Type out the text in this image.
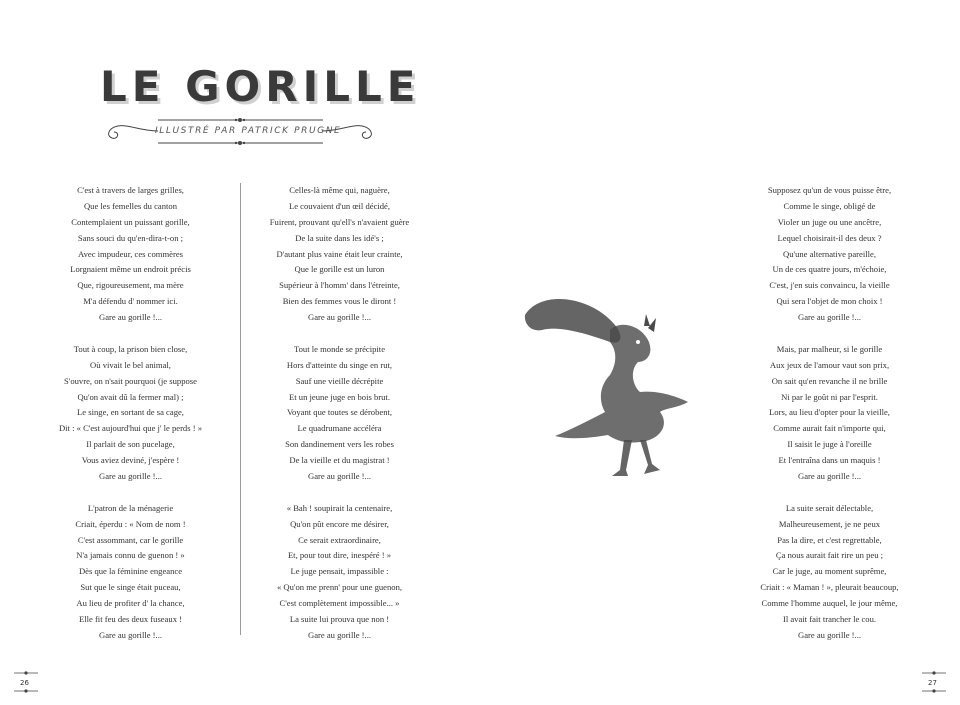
LE GORILLE
ILLUSTRÉ PAR PATRICK PRUGNE
C'est à travers de larges grilles,
Que les femelles du canton
Contemplaient un puissant gorille,
Sans souci du qu'en-dira-t-on ;
Avec impudeur, ces commères
Lorgnaient même un endroit précis
Que, rigoureusement, ma mère
M'a défendu d' nommer ici.
Gare au gorille !...
Tout à coup, la prison bien close,
Où vivait le bel animal,
S'ouvre, on n'sait pourquoi (je suppose
Qu'on avait dû la fermer mal) ;
Le singe, en sortant de sa cage,
Dit : « C'est aujourd'hui que j' le perds ! »
Il parlait de son pucelage,
Vous aviez deviné, j'espère !
Gare au gorille !...
L'patron de la ménagerie
Criait, éperdu : « Nom de nom !
C'est assommant, car le gorille
N'a jamais connu de guenon ! »
Dès que la féminine engeance
Sut que le singe était puceau,
Au lieu de profiter d' la chance,
Elle fit feu des deux fuseaux !
Gare au gorille !...
Celles-là même qui, naguère,
Le couvaient d'un œil décidé,
Fuirent, prouvant qu'ell's n'avaient guère
De la suite dans les idé's ;
D'autant plus vaine était leur crainte,
Que le gorille est un luron
Supérieur à l'homm' dans l'étreinte,
Bien des femmes vous le diront !
Gare au gorille !...
Tout le monde se précipite
Hors d'atteinte du singe en rut,
Sauf une vieille décrépite
Et un jeune juge en bois brut.
Voyant que toutes se dérobent,
Le quadrumane accéléra
Son dandinement vers les robes
De la vieille et du magistrat !
Gare au gorille !...
« Bah ! soupirait la centenaire,
Qu'on pût encore me désirer,
Ce serait extraordinaire,
Et, pour tout dire, inespéré ! »
Le juge pensait, impassible :
« Qu'on me prenn' pour une guenon,
C'est complètement impossible... »
La suite lui prouva que non !
Gare au gorille !...
Supposez qu'un de vous puisse être,
Comme le singe, obligé de
Violer un juge ou une ancêtre,
Lequel choisirait-il des deux ?
Qu'une alternative pareille,
Un de ces quatre jours, m'échoie,
C'est, j'en suis convaincu, la vieille
Qui sera l'objet de mon choix !
Gare au gorille !...
Mais, par malheur, si le gorille
Aux jeux de l'amour vaut son prix,
On sait qu'en revanche il ne brille
Ni par le goût ni par l'esprit.
Lors, au lieu d'opter pour la vieille,
Comme aurait fait n'importe qui,
Il saisit le juge à l'oreille
Et l'entraîna dans un maquis !
Gare au gorille !...
La suite serait délectable,
Malheureusement, je ne peux
Pas la dire, et c'est regrettable,
Ça nous aurait fait rire un peu ;
Car le juge, au moment suprême,
Criait : « Maman ! », pleurait beaucoup,
Comme l'homme auquel, le jour même,
Il avait fait trancher le cou.
Gare au gorille !...
26	27
